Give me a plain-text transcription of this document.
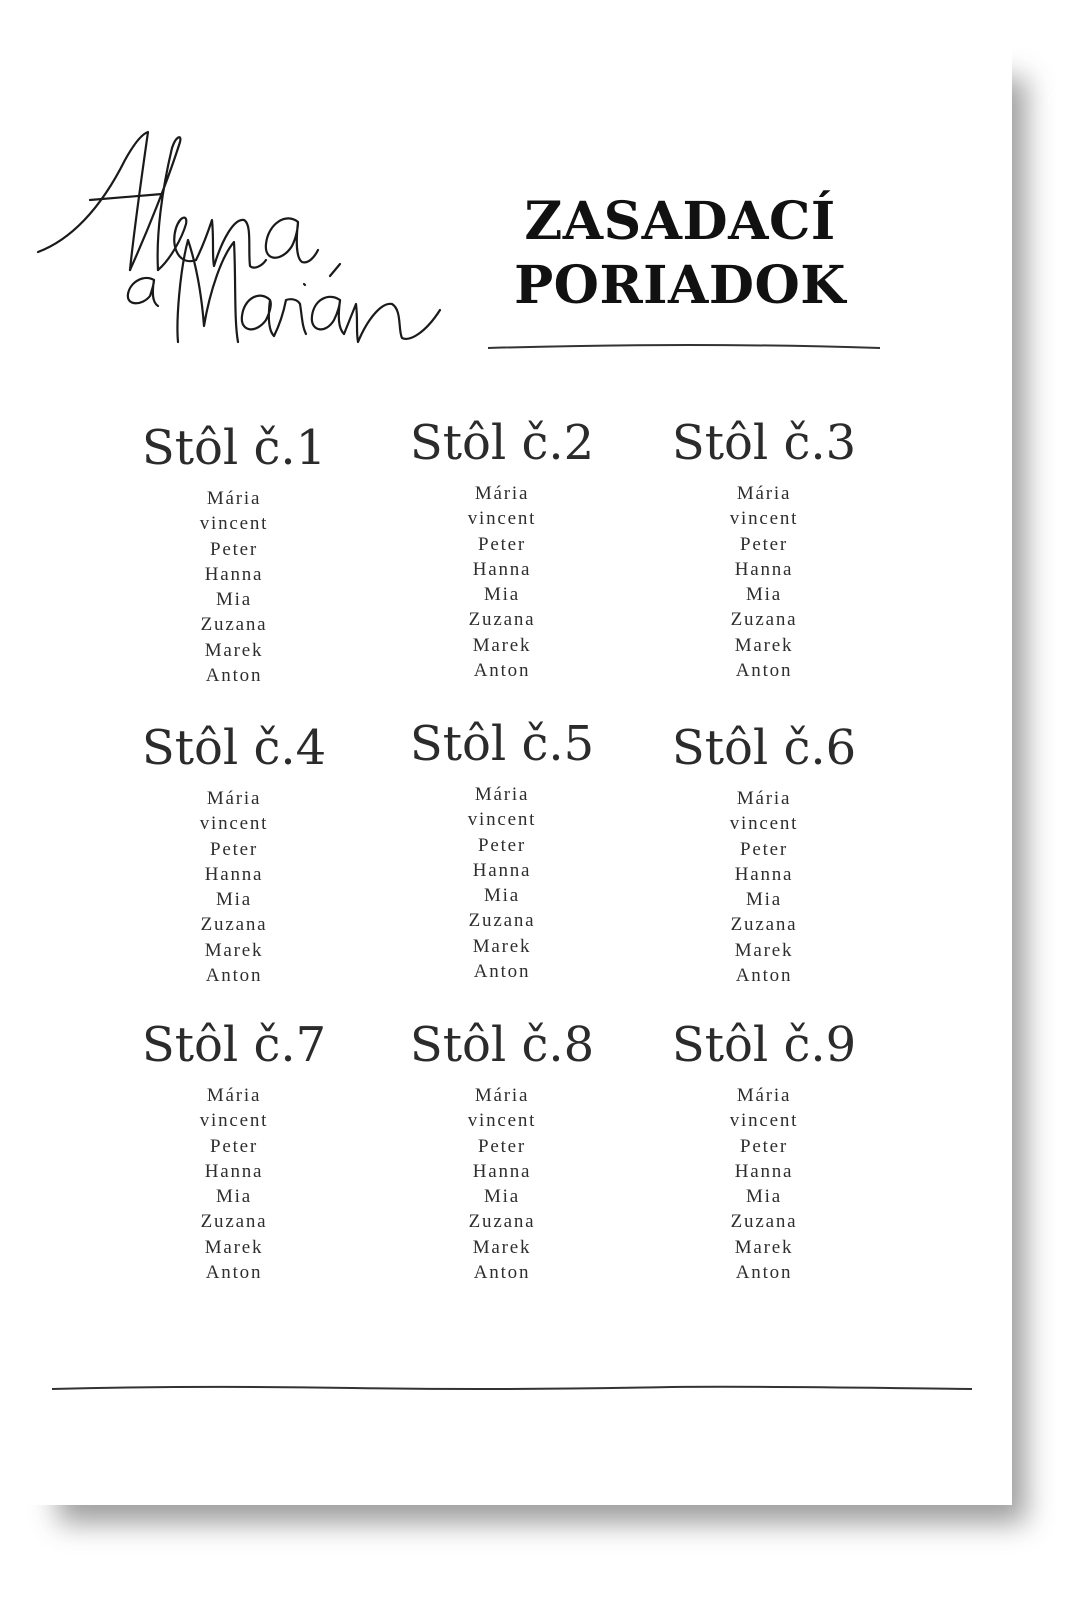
ZASADACÍ
PORIADOK
Stôl č.1
Mária
vincent
Peter
Hanna
Mia
Zuzana
Marek
Anton
Stôl č.2
Mária
vincent
Peter
Hanna
Mia
Zuzana
Marek
Anton
Stôl č.3
Mária
vincent
Peter
Hanna
Mia
Zuzana
Marek
Anton
Stôl č.4
Mária
vincent
Peter
Hanna
Mia
Zuzana
Marek
Anton
Stôl č.5
Mária
vincent
Peter
Hanna
Mia
Zuzana
Marek
Anton
Stôl č.6
Mária
vincent
Peter
Hanna
Mia
Zuzana
Marek
Anton
Stôl č.7
Mária
vincent
Peter
Hanna
Mia
Zuzana
Marek
Anton
Stôl č.8
Mária
vincent
Peter
Hanna
Mia
Zuzana
Marek
Anton
Stôl č.9
Mária
vincent
Peter
Hanna
Mia
Zuzana
Marek
Anton
